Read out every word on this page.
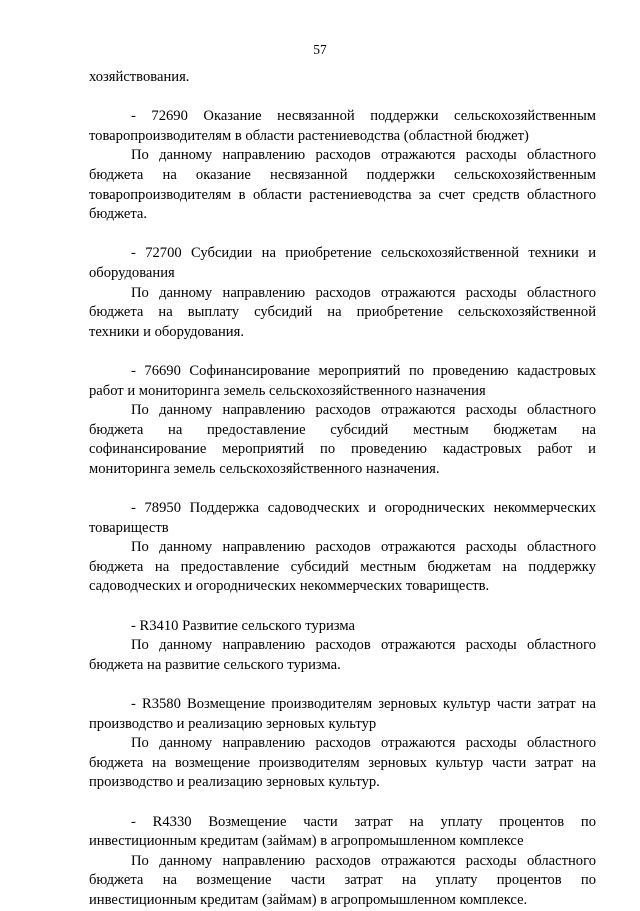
57
хозяйствования.
- 72690 Оказание несвязанной поддержки сельскохозяйственным
товаропроизводителям в области растениеводства (областной бюджет)
По данному направлению расходов отражаются расходы областного
бюджета на оказание несвязанной поддержки сельскохозяйственным
товаропроизводителям в области растениеводства за счет средств областного
бюджета.
- 72700 Субсидии на приобретение сельскохозяйственной техники и
оборудования
По данному направлению расходов отражаются расходы областного
бюджета на выплату субсидий на приобретение сельскохозяйственной
техники и оборудования.
- 76690 Софинансирование мероприятий по проведению кадастровых
работ и мониторинга земель сельскохозяйственного назначения
По данному направлению расходов отражаются расходы областного
бюджета на предоставление субсидий местным бюджетам на
софинансирование мероприятий по проведению кадастровых работ и
мониторинга земель сельскохозяйственного назначения.
- 78950 Поддержка садоводческих и огороднических некоммерческих
товариществ
По данному направлению расходов отражаются расходы областного
бюджета на предоставление субсидий местным бюджетам на поддержку
садоводческих и огороднических некоммерческих товариществ.
- R3410 Развитие сельского туризма
По данному направлению расходов отражаются расходы областного
бюджета на развитие сельского туризма.
- R3580 Возмещение производителям зерновых культур части затрат на
производство и реализацию зерновых культур
По данному направлению расходов отражаются расходы областного
бюджета на возмещение производителям зерновых культур части затрат на
производство и реализацию зерновых культур.
- R4330 Возмещение части затрат на уплату процентов по
инвестиционным кредитам (займам) в агропромышленном комплексе
По данному направлению расходов отражаются расходы областного
бюджета на возмещение части затрат на уплату процентов по
инвестиционным кредитам (займам) в агропромышленном комплексе.
